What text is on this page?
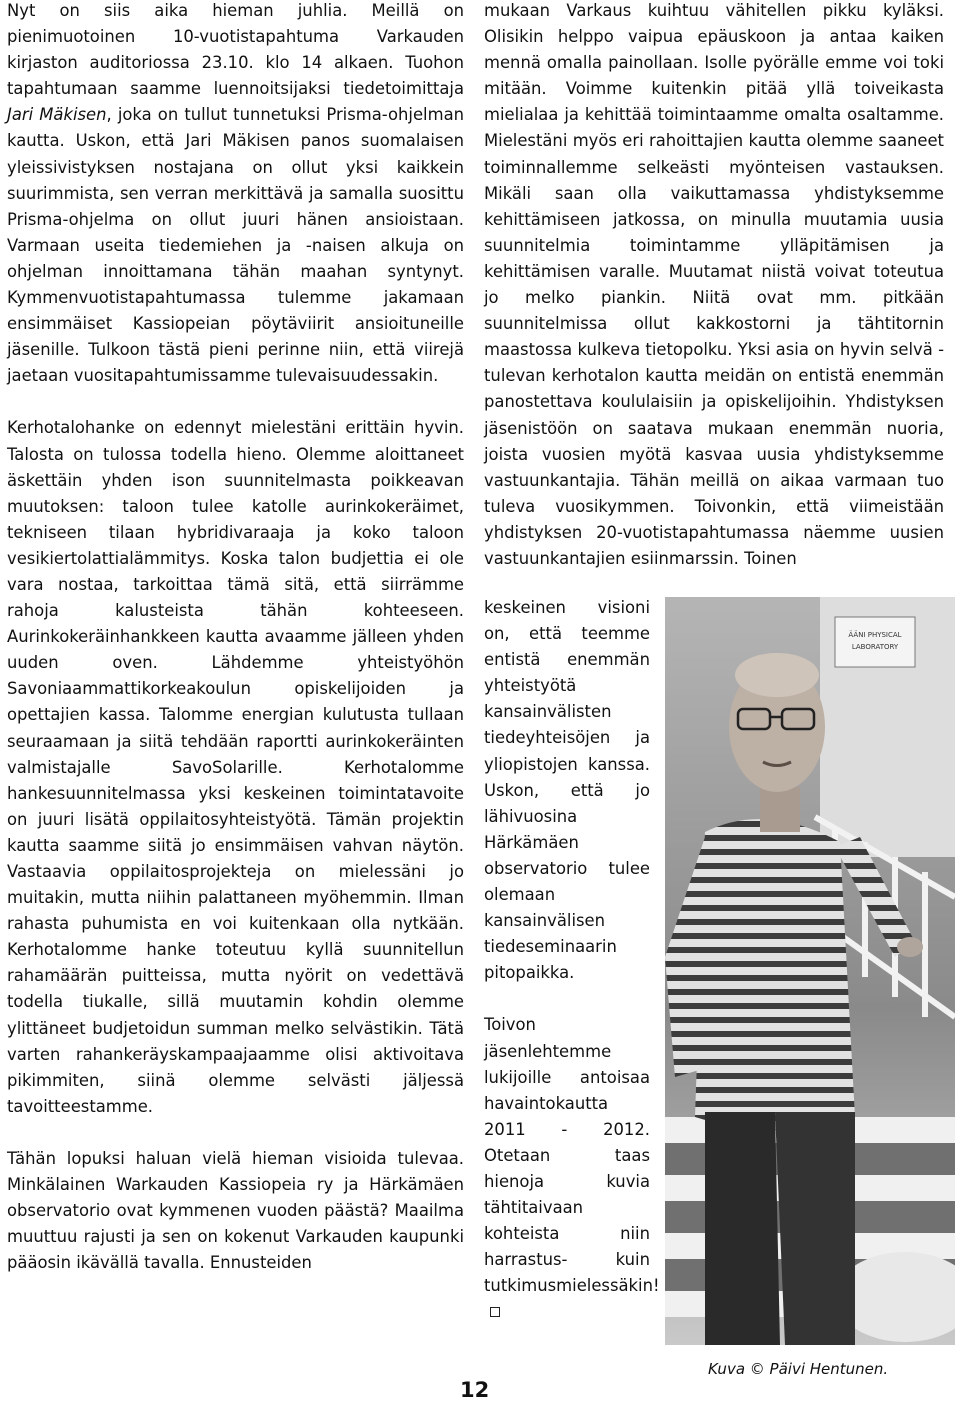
Nyt on siis aika hieman juhlia. Meillä on pienimuotoinen 10-vuotistapahtuma Varkauden kirjaston auditoriossa 23.10. klo 14 alkaen. Tuohon tapahtumaan saamme luennoitsijaksi tiedetoimittaja Jari Mäkisen, joka on tullut tunnetuksi Prisma-ohjelman kautta. Uskon, että Jari Mäkisen panos suomalaisen yleissivistyksen nostajana on ollut yksi kaikkein suurimmista, sen verran merkittävä ja samalla suosittu Prisma-ohjelma on ollut juuri hänen ansioistaan. Varmaan useita tiedemiehen ja -naisen alkuja on ohjelman innoittamana tähän maahan syntynyt. Kymmenvuotistapahtumassa tulemme jakamaan ensimmäiset Kassiopeian pöytäviirit ansioituneille jäsenille. Tulkoon tästä pieni perinne niin, että viirejä jaetaan vuositapahtumissamme tulevaisuudessakin.

Kerhotalohanke on edennyt mielestäni erittäin hyvin. Talosta on tulossa todella hieno. Olemme aloittaneet äskettäin yhden ison suunnitelmasta poikkeavan muutoksen: taloon tulee katolle aurinkokeräimet, tekniseen tilaan hybridivaraaja ja koko taloon vesikiertolattialämmitys. Koska talon budjettia ei ole vara nostaa, tarkoittaa tämä sitä, että siirrämme rahoja kalusteista tähän kohteeseen. Aurinkokeräinhankkeen kautta avaamme jälleen yhden uuden oven. Lähdemme yhteistyöhön Savoniaammattikorkeakoulun opiskelijoiden ja opettajien kassa. Talomme energian kulutusta tullaan seuraamaan ja siitä tehdään raportti aurinkokeräinten valmistajalle SavoSolarille. Kerhotalomme hankesuunnitelmassa yksi keskeinen toimintatavoite on juuri lisätä oppilaitosyhteistyötä. Tämän projektin kautta saamme siitä jo ensimmäisen vahvan näytön. Vastaavia oppilaitosprojekteja on mielessäni jo muitakin, mutta niihin palattaneen myöhemmin. Ilman rahasta puhumista en voi kuitenkaan olla nytkään. Kerhotalomme hanke toteutuu kyllä suunnitellun rahamäärän puitteissa, mutta nyörit on vedettävä todella tiukalle, sillä muutamin kohdin olemme ylittäneet budjetoidun summan melko selvästikin. Tätä varten rahankeräyskampaajaamme olisi aktivoitava pikimmiten, siinä olemme selvästi jäljessä tavoitteestamme.

Tähän lopuksi haluan vielä hieman visioida tulevaa. Minkälainen Warkauden Kassiopeia ry ja Härkämäen observatorio ovat kymmenen vuoden päästä? Maailma muuttuu rajusti ja sen on kokenut Varkauden kaupunki pääosin ikävällä tavalla. Ennusteiden

mukaan Varkaus kuihtuu vähitellen pikku kyläksi. Olisikin helppo vaipua epäuskoon ja antaa kaiken mennä omalla painollaan. Isolle pyörälle emme voi toki mitään. Voimme kuitenkin pitää yllä toiveikasta mielialaa ja kehittää toimintaamme omalta osaltamme. Mielestäni myös eri rahoittajien kautta olemme saaneet toiminnallemme selkeästi myönteisen vastauksen. Mikäli saan olla vaikuttamassa yhdistyksemme kehittämiseen jatkossa, on minulla muutamia uusia suunnitelmia toimintamme ylläpitämisen ja kehittämisen varalle. Muutamat niistä voivat toteutua jo melko piankin. Niitä ovat mm. pitkään suunnitelmissa ollut kakkostorni ja tähtitornin maastossa kulkeva tietopolku. Yksi asia on hyvin selvä - tulevan kerhotalon kautta meidän on entistä enemmän panostettava koululaisiin ja opiskelijoihin. Yhdistyksen jäsenistöön on saatava mukaan enemmän nuoria, joista vuosien myötä kasvaa uusia yhdistyksemme vastuunkantajia. Tähän meillä on aikaa varmaan tuo tuleva vuosikymmen. Toivonkin, että viimeistään yhdistyksen 20-vuotistapahtumassa näemme uusien vastuunkantajien esiinmarssin. Toinen

keskeinen visioni on, että teemme entistä enemmän yhteistyötä kansainvälisten tiedeyhteisöjen ja yliopistojen kanssa. Uskon, että jo lähivuosina Härkämäen observatorio tulee olemaan kansainvälisen tiedeseminaarin pitopaikka.

Toivon jäsenlehtemme lukijoille antoisaa havaintokautta 2011 - 2012. Otetaan taas hienoja kuvia tähtitaivaan kohteista niin harrastus- kuin tutkimusmielessäkin!

ÄÄNI PHYSICAL
LABORATORY
Kuva © Päivi Hentunen.
12
